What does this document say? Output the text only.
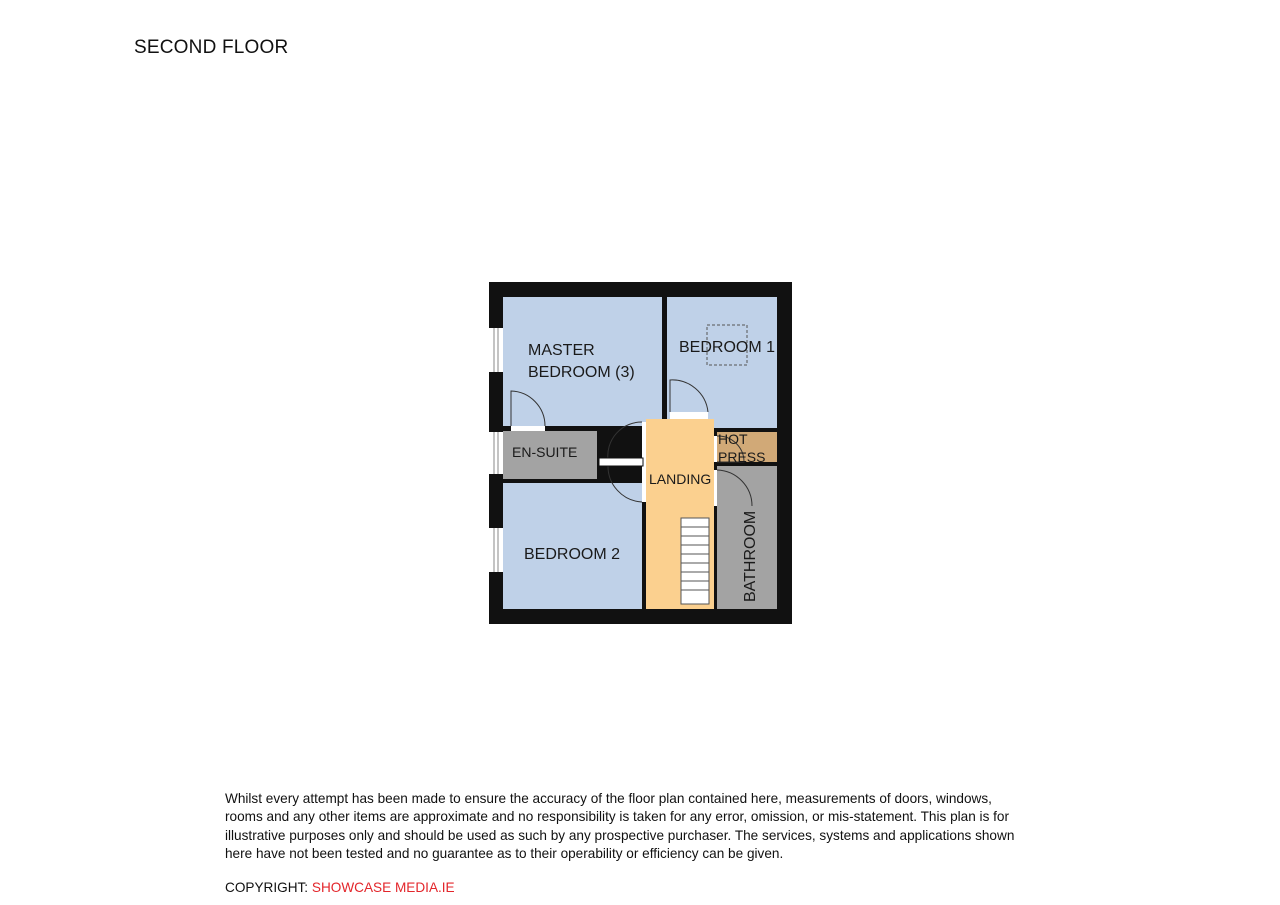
SECOND FLOOR
MASTER
BEDROOM (3)
BEDROOM 1
EN-SUITE
HOT
PRESS
LANDING
BEDROOM 2	BATHROOM

Whilst every attempt has been made to ensure the accuracy of the floor plan contained here, measurements of doors, windows,

rooms and any other items are approximate and no responsibility is taken for any error, omission, or mis-statement. This plan is for

illustrative purposes only and should be used as such by any prospective purchaser. The services, systems and applications shown

here have not been tested and no guarantee as to their operability or efficiency can be given.

COPYRIGHT: SHOWCASE MEDIA.IE
